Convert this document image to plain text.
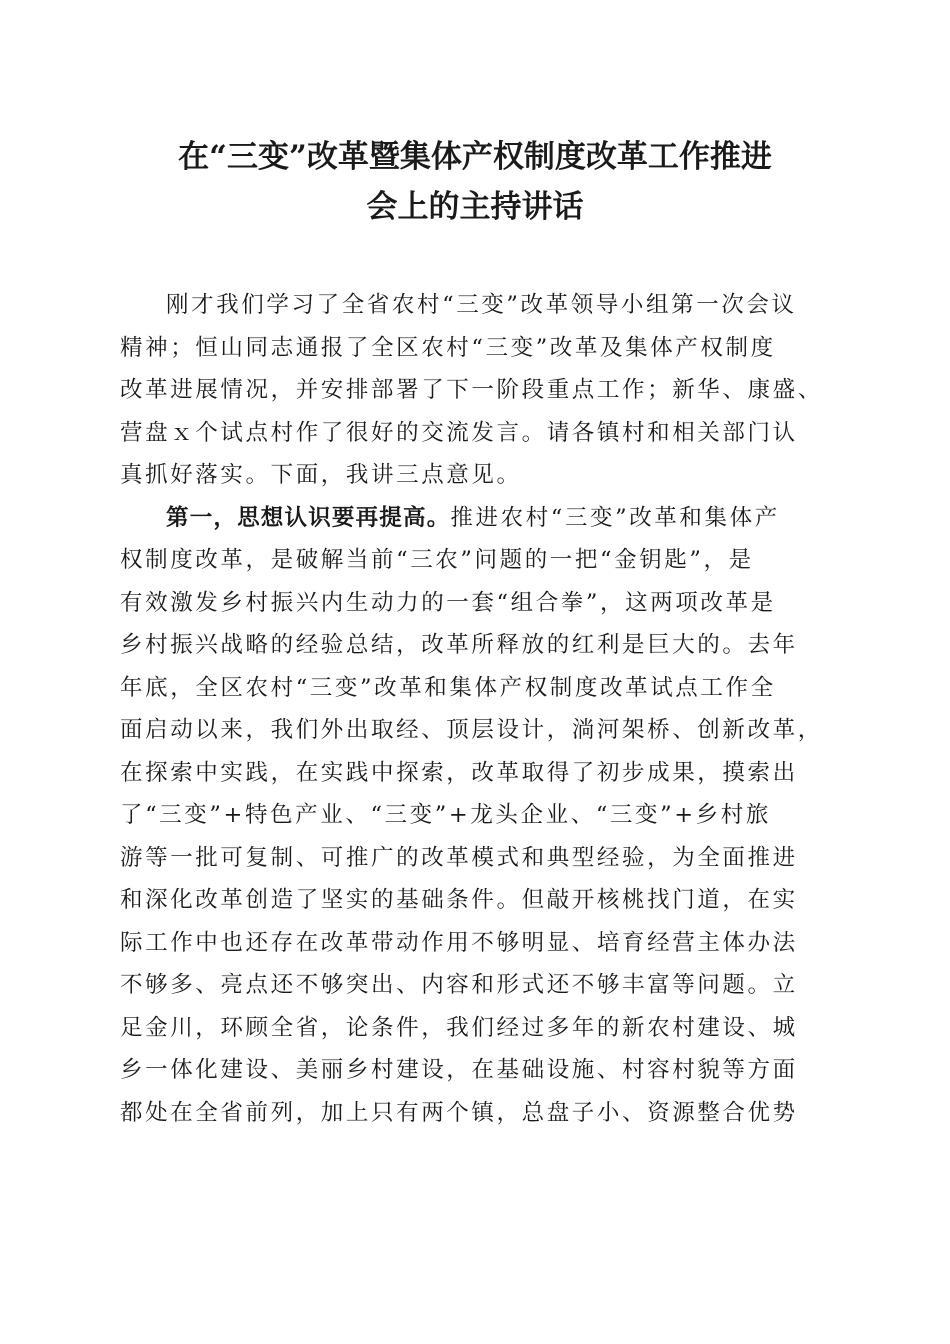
在“三变”改革暨集体产权制度改革工作推进
会上的主持讲话
刚才我们学习了全省农村“三变”改革领导小组第一次会议
精神；恒山同志通报了全区农村“三变”改革及集体产权制度
改革进展情况，并安排部署了下一阶段重点工作；新华、康盛、
营盘ｘ个试点村作了很好的交流发言。请各镇村和相关部门认
真抓好落实。下面，我讲三点意见。
第一，思想认识要再提高。推进农村“三变”改革和集体产
权制度改革，是破解当前“三农”问题的一把“金钥匙”，是
有效激发乡村振兴内生动力的一套“组合拳”，这两项改革是
乡村振兴战略的经验总结，改革所释放的红利是巨大的。去年
年底，全区农村“三变”改革和集体产权制度改革试点工作全
面启动以来，我们外出取经、顶层设计，淌河架桥、创新改革，
在探索中实践，在实践中探索，改革取得了初步成果，摸索出
了“三变”+特色产业、“三变”+龙头企业、“三变”+乡村旅
游等一批可复制、可推广的改革模式和典型经验，为全面推进
和深化改革创造了坚实的基础条件。但敲开核桃找门道，在实
际工作中也还存在改革带动作用不够明显、培育经营主体办法
不够多、亮点还不够突出、内容和形式还不够丰富等问题。立
足金川，环顾全省，论条件，我们经过多年的新农村建设、城
乡一体化建设、美丽乡村建设，在基础设施、村容村貌等方面
都处在全省前列，加上只有两个镇，总盘子小、资源整合优势
